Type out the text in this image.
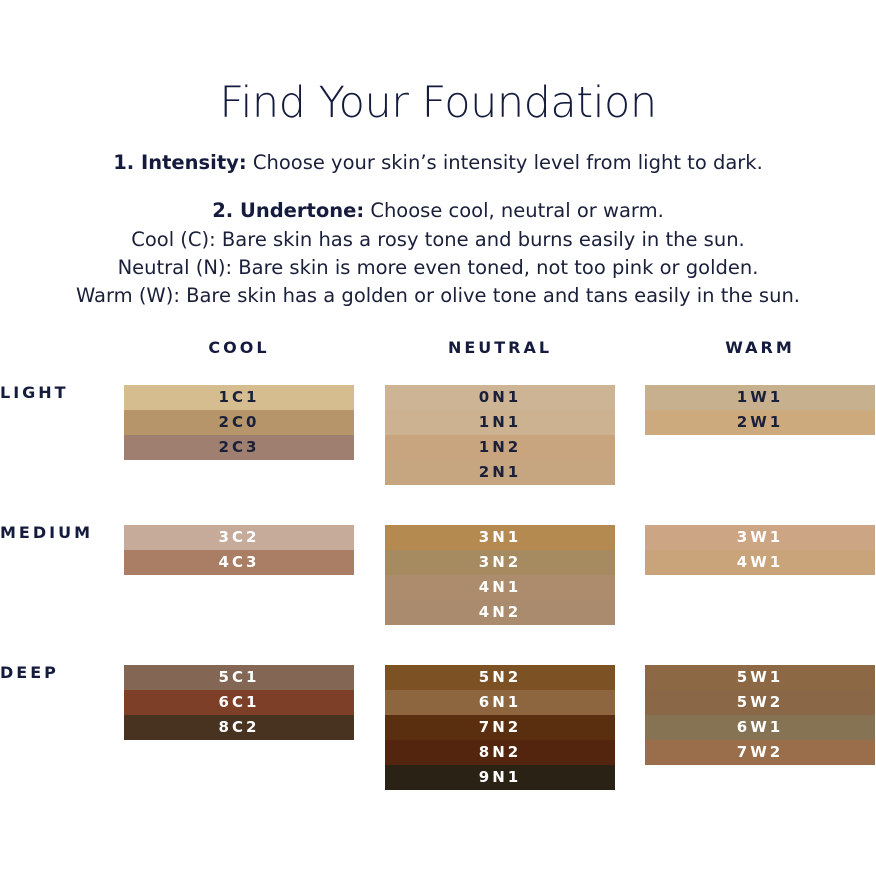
Find Your Foundation
1. Intensity: Choose your skin’s intensity level from light to dark.
2. Undertone: Choose cool, neutral or warm.
Cool (C): Bare skin has a rosy tone and burns easily in the sun.
Neutral (N): Bare skin is more even toned, not too pink or golden.
Warm (W): Bare skin has a golden or olive tone and tans easily in the sun.
COOL	NEUTRAL	WARM
LIGHT
MEDIUM
DEEP
1C1
2C0
2C3
0N1
1N1
1N2
2N1
1W1
2W1
3C2
4C3
3N1
3N2
4N1
4N2
3W1
4W1
5C1
6C1
8C2
5N2
6N1
7N2
8N2
9N1
5W1
5W2
6W1
7W2
